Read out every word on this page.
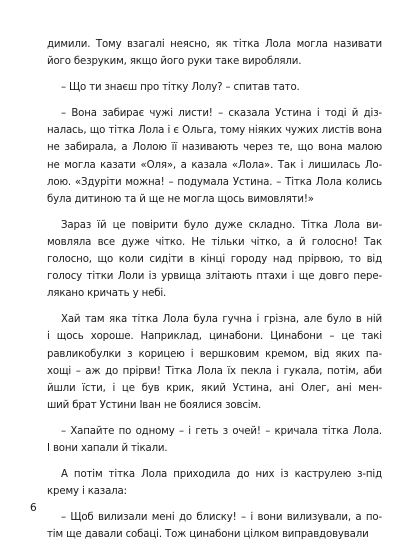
димили. Тому взагалі неясно, як тітка Лола могла називати
його безруким, якщо його руки таке виробляли.

– Що ти знаєш про тітку Лолу? – спитав тато.

– Вона забирає чужі листи! – сказала Устина і тоді й діз-
налась, що тітка Лола і є Ольга, тому ніяких чужих листів вона
не забирала, а Лолою її називають через те, що вона малою
не могла казати «Оля», а казала «Лола». Так і лишилась Ло-
лою. «Здуріти можна! – подумала Устина. – Тітка Лола колись
була дитиною та й ще не могла щось вимовляти!»

Зараз їй це повірити було дуже складно. Тітка Лола ви-
мовляла все дуже чітко. Не тільки чітко, а й голосно! Так
голосно, що коли сидіти в кінці городу над прірвою, то від
голосу тітки Лоли із урвища злітають птахи і ще довго пере-
лякано кричать у небі.

Хай там яка тітка Лола була гучна і грізна, але було в ній
і щось хороше. Наприклад, цинабони. Цинабони – це такі
равликобулки з корицею і вершковим кремом, від яких па-
хощі – аж до прірви! Тітка Лола їх пекла і гукала, потім, аби
йшли їсти, і це був крик, який Устина, ані Олег, ані мен-
ший брат Устини Іван не боялися зовсім.

– Хапайте по одному – і геть з очей! – кричала тітка Лола.
І вони хапали й тікали.

А потім тітка Лола приходила до них із каструлею з-під
крему і казала:

– Щоб вилизали мені до блиску! – і вони вилизували, а по-
тім ще давали собаці. Тож цинабони цілком виправдовували

6
